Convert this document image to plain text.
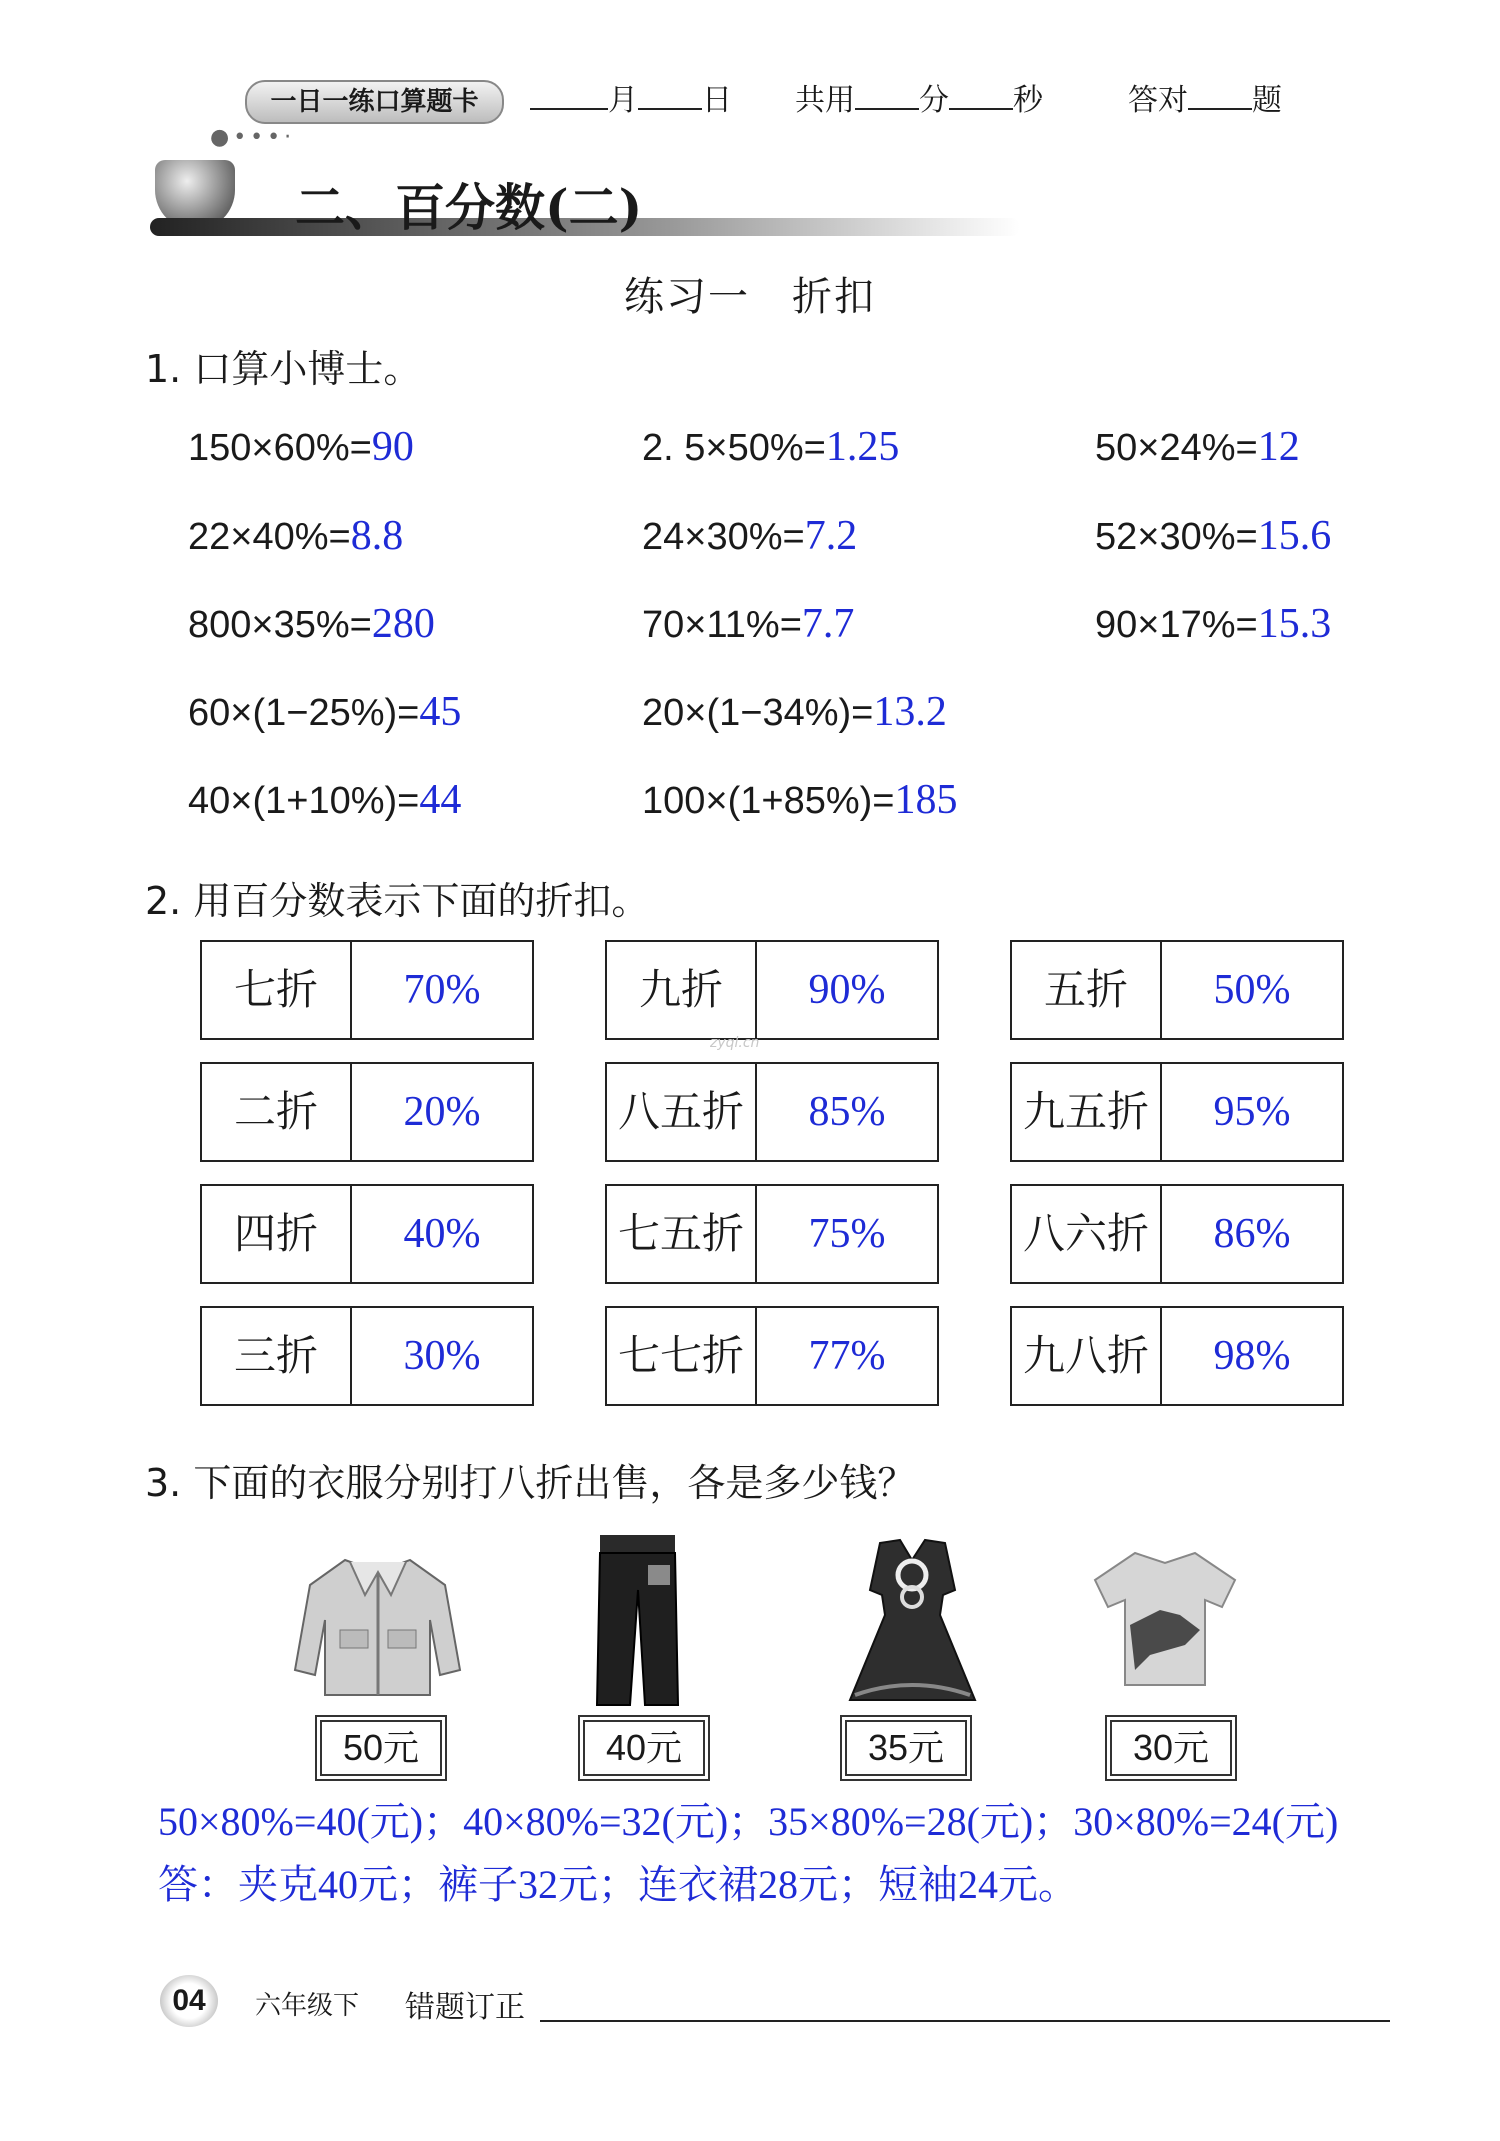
一日一练口算题卡	月 日 共用 分 秒	答对 题
●•••·
二、百分数(二)
练习一　折扣
1. 口算小博士。
150×60%=90	2. 5×50%=1.25	50×24%=12
22×40%=8.8	24×30%=7.2	52×30%=15.6
800×35%=280	70×11%=7.7	90×17%=15.3
60×(1−25%)=45	20×(1−34%)=13.2
40×(1+10%)=44	100×(1+85%)=185
2. 用百分数表示下面的折扣。
七折	70%	九折	90%	五折	50%
二折	20%	八五折	85%	九五折	95%
四折	40%	七五折	75%	八六折	86%
三折	30%	七七折	77%	九八折	98%
zyql.cn
3. 下面的衣服分别打八折出售，各是多少钱？
50元	40元	35元	30元
50×80%=40(元)；40×80%=32(元)；35×80%=28(元)；30×80%=24(元)
答：夹克40元；裤子32元；连衣裙28元；短袖24元。
04	六年级下 错题订正
